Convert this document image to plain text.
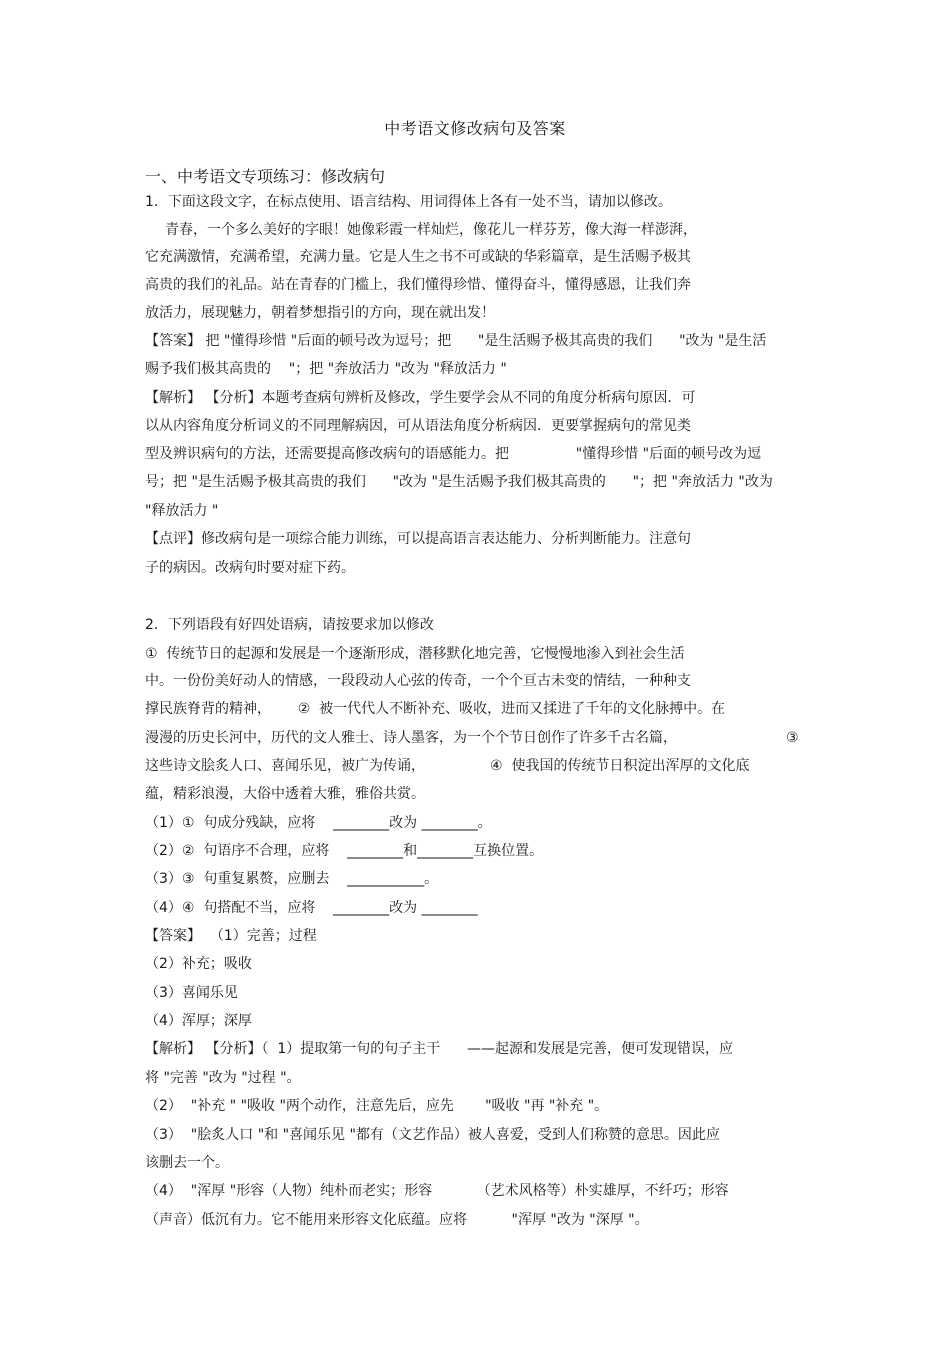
中考语文修改病句及答案
一、中考语文专项练习：修改病句
1．下面这段文字，在标点使用、语言结构、用词得体上各有一处不当，请加以修改。
青春，一个多么美好的字眼！她像彩霞一样灿烂，像花儿一样芬芳，像大海一样澎湃，
它充满激情，充满希望，充满力量。它是人生之书不可或缺的华彩篇章，是生活赐予极其
高贵的我们的礼品。站在青春的门槛上，我们懂得珍惜、懂得奋斗，懂得感恩，让我们奔
放活力，展现魅力，朝着梦想指引的方向，现在就出发！
【答案】 把 "懂得珍惜 "后面的顿号改为逗号；把      "是生活赐予极其高贵的我们      "改为 "是生活
赐予我们极其高贵的    "；把 "奔放活力 "改为 "释放活力 "
【解析】 【分析】本题考查病句辨析及修改，学生要学会从不同的角度分析病句原因．可
以从内容角度分析词义的不同理解病因，可从语法角度分析病因．更要掌握病句的常见类
型及辨识病句的方法，还需要提高修改病句的语感能力。把               "懂得珍惜 "后面的顿号改为逗
号；把 "是生活赐予极其高贵的我们      "改为 "是生活赐予我们极其高贵的      "；把 "奔放活力 "改为
"释放活力 "
【点评】修改病句是一项综合能力训练，可以提高语言表达能力、分析判断能力。注意句
子的病因。改病句时要对症下药。
2．下列语段有好四处语病，请按要求加以修改
①  传统节日的起源和发展是一个逐渐形成，潜移默化地完善，它慢慢地渗入到社会生活
中。一份份美好动人的情感，一段段动人心弦的传奇，一个个亘古未变的情结，一种种支
撑民族脊背的精神，      ②  被一代代人不断补充、吸收，进而又揉进了千年的文化脉搏中。在
漫漫的历史长河中，历代的文人雅士、诗人墨客，为一个个节日创作了许多千古名篇，	③
这些诗文脍炙人口、喜闻乐见，被广为传诵，	④  使我国的传统节日积淀出浑厚的文化底
蕴，精彩浪漫，大俗中透着大雅，雅俗共赏。
（1）①  句成分残缺，应将    ________改为 ________。
（2）②  句语序不合理，应将    ________和________互换位置。
（3）③  句重复累赘，应删去    ___________。
（4）④  句搭配不当，应将    ________改为 ________
【答案】  （1）完善；过程
（2）补充；吸收
（3）喜闻乐见
（4）浑厚；深厚
【解析】 【分析】（  1）提取第一句的句子主干      ——起源和发展是完善，便可发现错误，应
将 "完善 "改为 "过程 "。
（2）  "补充 " "吸收 "两个动作，注意先后，应先       "吸收 "再 "补充 "。
（3）  "脍炙人口 "和 "喜闻乐见 "都有（文艺作品）被人喜爱，受到人们称赞的意思。因此应
该删去一个。
（4）  "浑厚 "形容（人物）纯朴而老实；形容          （艺术风格等）朴实雄厚，不纤巧；形容
（声音）低沉有力。它不能用来形容文化底蕴。应将          "浑厚 "改为 "深厚 "。
